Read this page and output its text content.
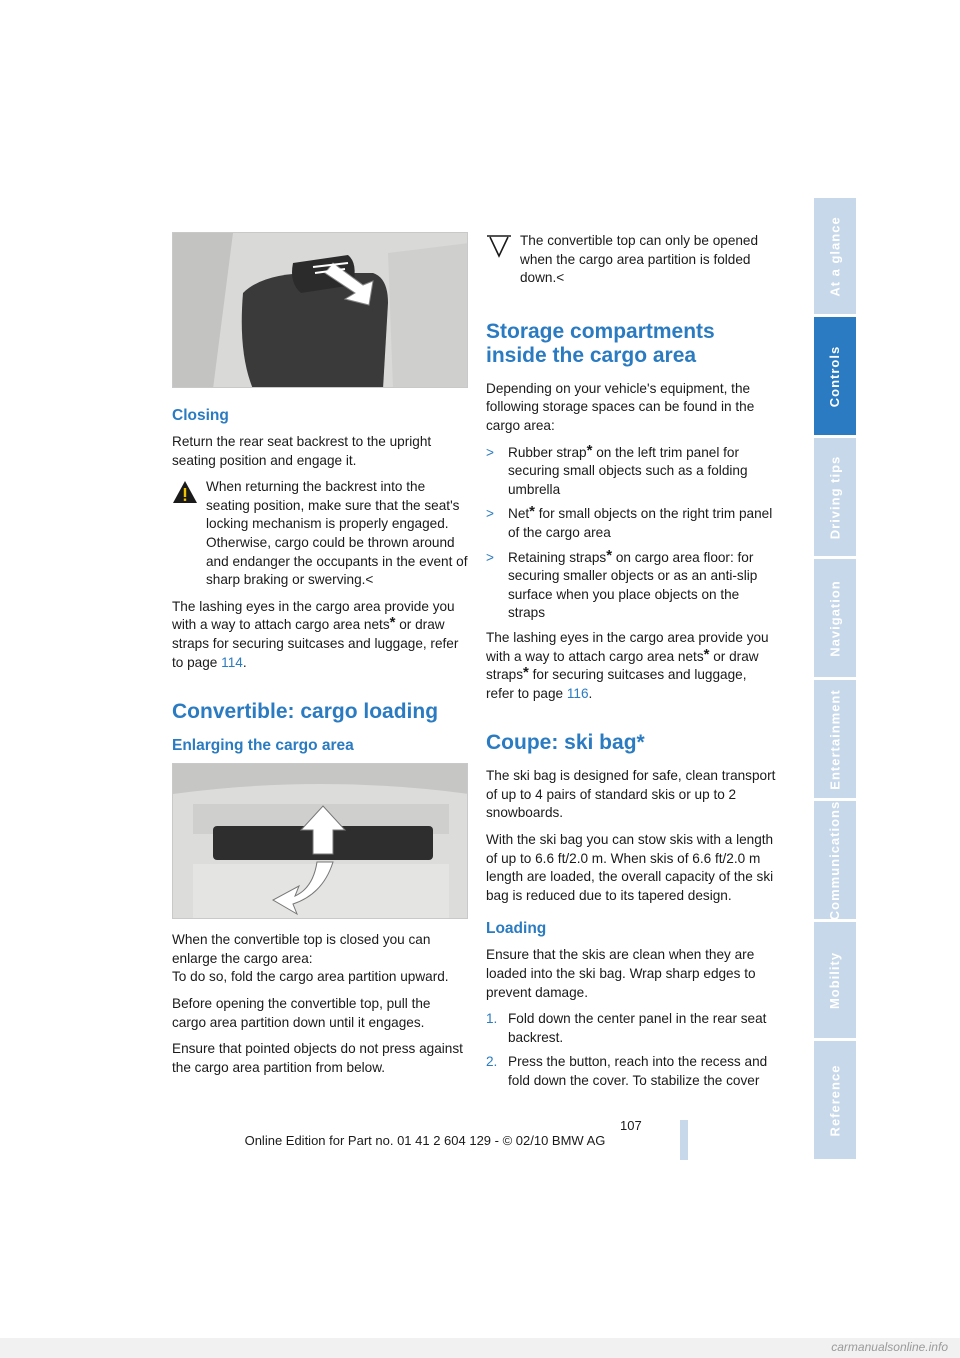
Closing

Return the rear seat backrest to the upright seating position and engage it.

When returning the backrest into the seating position, make sure that the seat's locking mechanism is properly engaged. Otherwise, cargo could be thrown around and endanger the occupants in the event of sharp braking or swerving.<

The lashing eyes in the cargo area provide you with a way to attach cargo area nets* or draw straps for securing suitcases and luggage, refer to page 114.

Convertible: cargo loading
Enlarging the cargo area

When the convertible top is closed you can enlarge the cargo area:
To do so, fold the cargo area partition upward.

Before opening the convertible top, pull the cargo area partition down until it engages.

Ensure that pointed objects do not press against the cargo area partition from below.

The convertible top can only be opened when the cargo area partition is folded down.<

Storage compartments inside the cargo area

Depending on your vehicle's equipment, the following storage spaces can be found in the cargo area:

> Rubber strap* on the left trim panel for securing small objects such as a folding umbrella
> Net* for small objects on the right trim panel of the cargo area
> Retaining straps* on cargo area floor: for securing smaller objects or as an anti-slip surface when you place objects on the straps

The lashing eyes in the cargo area provide you with a way to attach cargo area nets* or draw straps* for securing suitcases and luggage, refer to page 116.

Coupe: ski bag*

The ski bag is designed for safe, clean transport of up to 4 pairs of standard skis or up to 2 snowboards.

With the ski bag you can stow skis with a length of up to 6.6 ft/2.0 m. When skis of 6.6 ft/2.0 m length are loaded, the overall capacity of the ski bag is reduced due to its tapered design.

Loading

Ensure that the skis are clean when they are loaded into the ski bag. Wrap sharp edges to prevent damage.

1. Fold down the center panel in the rear seat backrest.
2. Press the button, reach into the recess and fold down the cover. To stabilize the cover
At a glance
Controls
Driving tips
Navigation
Entertainment
Communications
Mobility
Reference
107
Online Edition for Part no. 01 41 2 604 129 - © 02/10 BMW AG
carmanualsonline.info
